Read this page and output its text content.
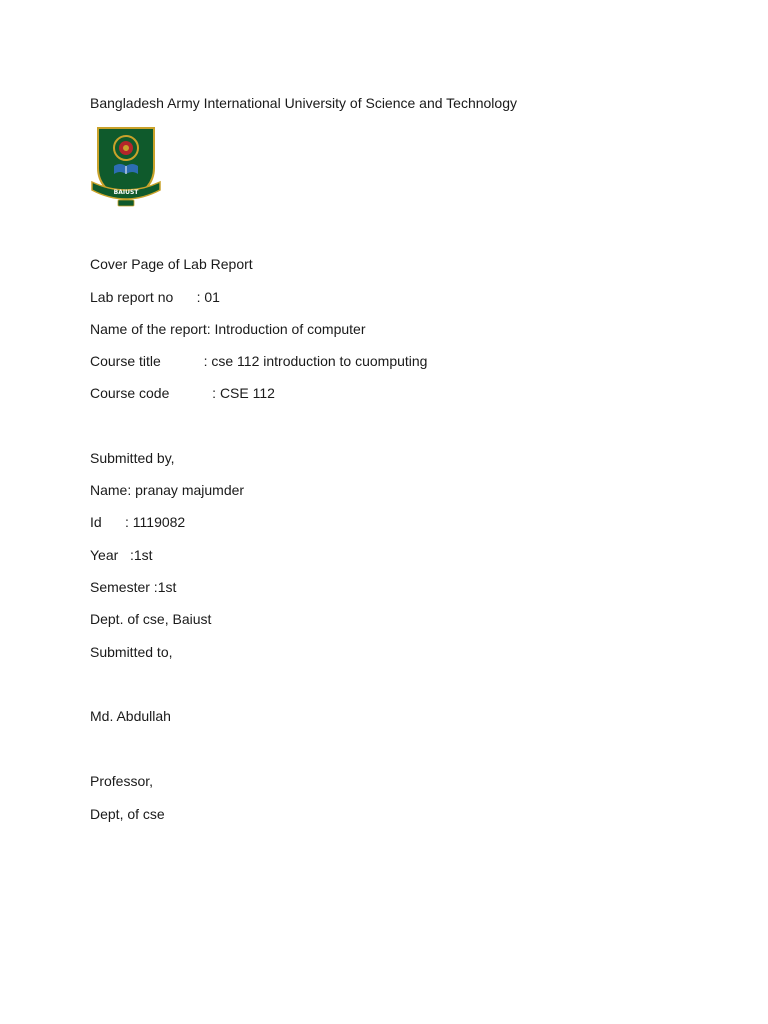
Bangladesh Army International University of Science and Technology
BAIUST
Cover Page of Lab Report
Lab report no      : 01
Name of the report: Introduction of computer
Course title           : cse 112 introduction to cuomputing
Course code           : CSE 112
Submitted by,
Name: pranay majumder
Id      : 1119082
Year   :1st
Semester :1st
Dept. of cse, Baiust
Submitted to,
Md. Abdullah
Professor,
Dept, of cse
